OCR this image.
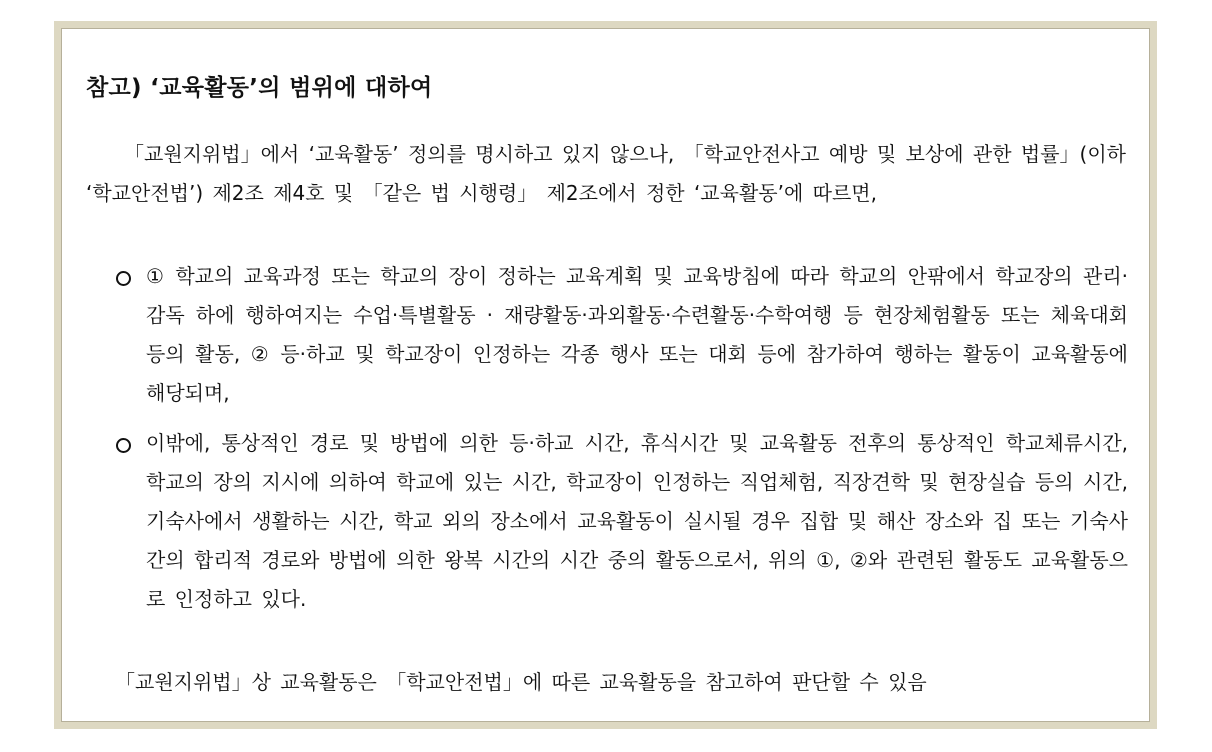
참고) ‘교육활동’의 범위에 대하여

「교원지위법」에서 ‘교육활동’ 정의를 명시하고 있지 않으나, 「학교안전사고 예방 및 보상에 관한 법률」(이하 ‘학교안전법’) 제2조 제4호 및 「같은 법 시행령」 제2조에서 정한 ‘교육활동’에 따르면,

① 학교의 교육과정 또는 학교의 장이 정하는 교육계획 및 교육방침에 따라 학교의 안팎에서 학교장의 관리·감독 하에 행하여지는 수업·특별활동 · 재량활동·과외활동·수련활동·수학여행 등 현장체험활동 또는 체육대회 등의 활동, ② 등·하교 및 학교장이 인정하는 각종 행사 또는 대회 등에 참가하여 행하는 활동이 교육활동에 해당되며,
이밖에, 통상적인 경로 및 방법에 의한 등·하교 시간, 휴식시간 및 교육활동 전후의 통상적인 학교체류시간, 학교의 장의 지시에 의하여 학교에 있는 시간, 학교장이 인정하는 직업체험, 직장견학 및 현장실습 등의 시간, 기숙사에서 생활하는 시간, 학교 외의 장소에서 교육활동이 실시될 경우 집합 및 해산 장소와 집 또는 기숙사 간의 합리적 경로와 방법에 의한 왕복 시간의 시간 중의 활동으로서, 위의 ①, ②와 관련된 활동도 교육활동으로 인정하고 있다.

「교원지위법」상 교육활동은 「학교안전법」에 따른 교육활동을 참고하여 판단할 수 있음
